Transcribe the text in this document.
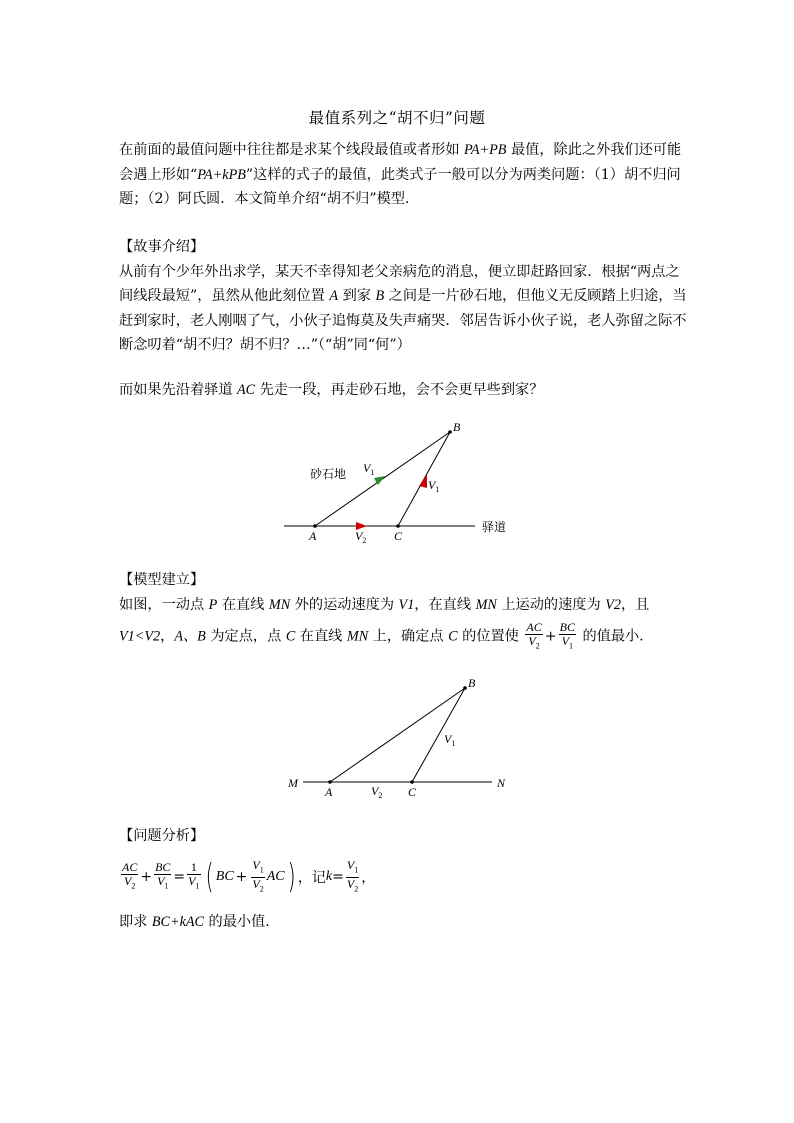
最值系列之“胡不归”问题
在前面的最值问题中往往都是求某个线段最值或者形如 PA+PB 最值，除此之外我们还可能
会遇上形如“PA+kPB”这样的式子的最值，此类式子一般可以分为两类问题：（1）胡不归问
题；（2）阿氏圆．本文简单介绍“胡不归”模型．
【故事介绍】
从前有个少年外出求学，某天不幸得知老父亲病危的消息，便立即赶路回家．根据“两点之
间线段最短”，虽然从他此刻位置 A 到家 B 之间是一片砂石地，但他义无反顾踏上归途，当
赶到家时，老人刚咽了气，小伙子追悔莫及失声痛哭．邻居告诉小伙子说，老人弥留之际不
断念叨着“胡不归？胡不归？…”（“胡”同“何”）
而如果先沿着驿道 AC 先走一段，再走砂石地，会不会更早些到家？
B
A	C
$V_1$
$V_1$
$V_2$
砂石地
驿道
【模型建立】
如图，一动点 P 在直线 MN 外的运动速度为 V1，在直线 MN 上运动的速度为 V2，且
V1<V2，A、B 为定点，点 C 在直线 MN 上，确定点 C 的位置使 $\frac{AC}{V_2} + \frac{BC}{V_1}$ 的值最小．
B
A	C
M	N
$V_1$
$V_2$
【问题分析】
$\frac{AC}{V_2} + \frac{BC}{V_1} = \frac{1}{V_1}$ ( BC + $\frac{V_1}{V_2}$ AC ) ，记 $k = \frac{V_1}{V_2}$ ，
即求 BC+kAC 的最小值．
